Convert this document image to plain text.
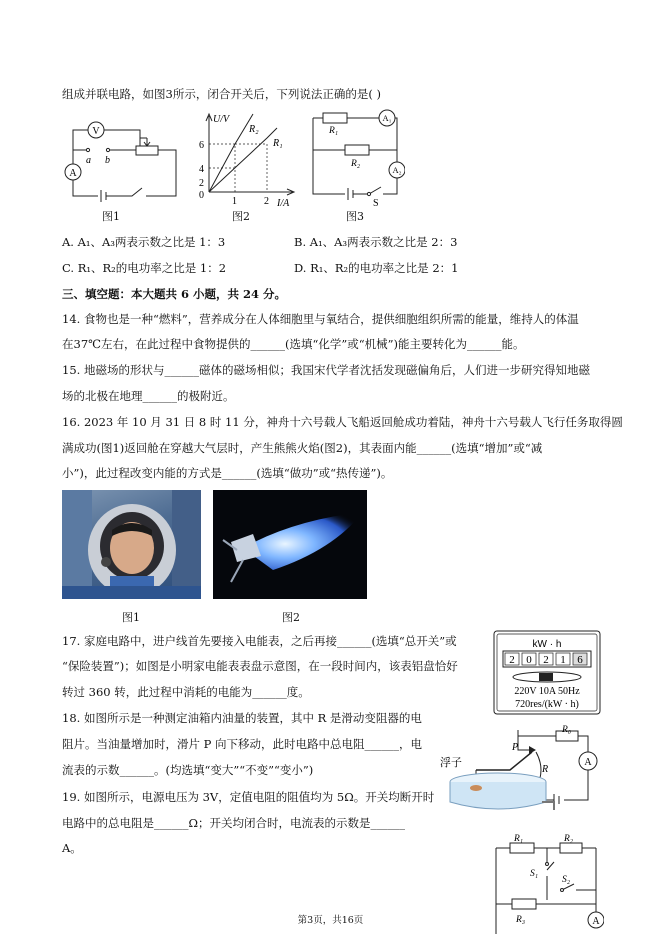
组成并联电路，如图3所示，闭合开关后，下列说法正确的是( )
V
A
a b
图1
U/V
I/A
6
4
2
0
1	2
R₂
R₁
图2
R₁
R₂
A₁
A₂
S
图3
A. A₁、A₃两表示数之比是 1：3	B. A₁、A₃两表示数之比是 2：3
C. R₁、R₂的电功率之比是 1：2	D. R₁、R₂的电功率之比是 2：1
三、填空题：本大题共 6 小题，共 24 分。
14. 食物也是一种“燃料”，营养成分在人体细胞里与氧结合，提供细胞组织所需的能量，维持人的体温
在37℃左右，在此过程中食物提供的______(选填“化学”或“机械”)能主要转化为______能。
15. 地磁场的形状与______磁体的磁场相似；我国宋代学者沈括发现磁偏角后，人们进一步研究得知地磁
场的北极在地理______的极附近。
16. 2023 年 10 月 31 日 8 时 11 分，神舟十六号载人飞船返回舱成功着陆，神舟十六号载人飞行任务取得圆
满成功(图1)返回舱在穿越大气层时，产生熊熊火焰(图2)，其表面内能______(选填“增加”或“减
小”)，此过程改变内能的方式是______(选填“做功”或“热传递”)。
图1	图2
17. 家庭电路中，进户线首先要接入电能表，之后再接______(选填“总开关”或
“保险装置”)；如图是小明家电能表表盘示意图，在一段时间内，该表铝盘恰好
转过 360 转，此过程中消耗的电能为______度。
kW · h
2 0 2 1 6
220V 10A 50Hz
720res/(kW · h)
18. 如图所示是一种测定油箱内油量的装置，其中 R 是滑动变阻器的电
阻片。当油量增加时，滑片 P 向下移动，此时电路中总电阻______，电
流表的示数______。(均选填“变大”“不变”“变小”)	浮子
R₀
P
R
A
19. 如图所示，电源电压为 3V，定值电阻的阻值均为 5Ω。开关均断开时
电路中的总电阻是______Ω；开关均闭合时，电流表的示数是______
A。
R₁	R₂
R₃
S₁
S₂
A
第3页，共16页
